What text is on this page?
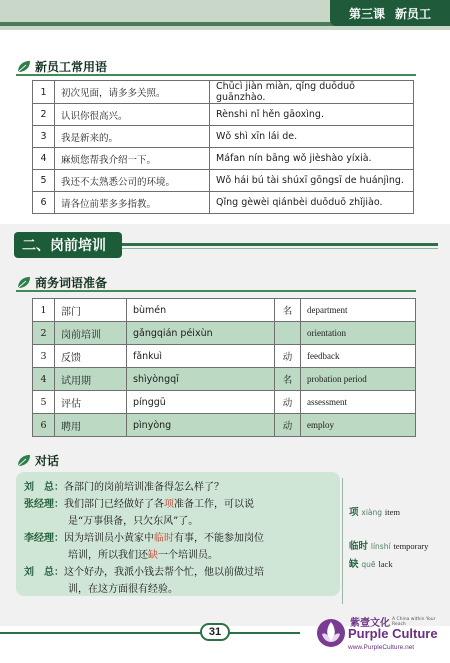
第三课 新员工
新员工常用语
1	初次见面，请多多关照。	Chūcì jiàn miàn, qǐng duōduō guānzhào.
2	认识你很高兴。	Rènshi nǐ hěn gāoxìng.
3	我是新来的。	Wǒ shì xīn lái de.
4	麻烦您帮我介绍一下。	Máfan nín bāng wǒ jièshào yíxià.
5	我还不太熟悉公司的环境。	Wǒ hái bú tài shúxī gōngsī de huánjìng.
6	请各位前辈多多指教。	Qǐng gèwèi qiánbèi duōduō zhǐjiào.
二、岗前培训
商务词语准备
1	部门	bùmén	名	department
2	岗前培训	gǎngqián péixùn		orientation
3	反馈	fǎnkuì	动	feedback
4	试用期	shìyòngqī	名	probation period
5	评估	pínggū	动	assessment
6	聘用	pìnyòng	动	employ
对话
刘　总：各部门的岗前培训准备得怎么样了？
张经理：我们部门已经做好了各项准备工作，可以说
是“万事俱备，只欠东风”了。
李经理：因为培训员小黄家中临时有事，不能参加岗位
培训，所以我们还缺一个培训员。
刘　总：这个好办，我派小钱去帮个忙，他以前做过培
训，在这方面很有经验。
项 xiàng item
临时 línshí temporary
缺 quē lack
31
紫壹文化 A China within Your Reach
Purple Culture
www.PurpleCulture.net
